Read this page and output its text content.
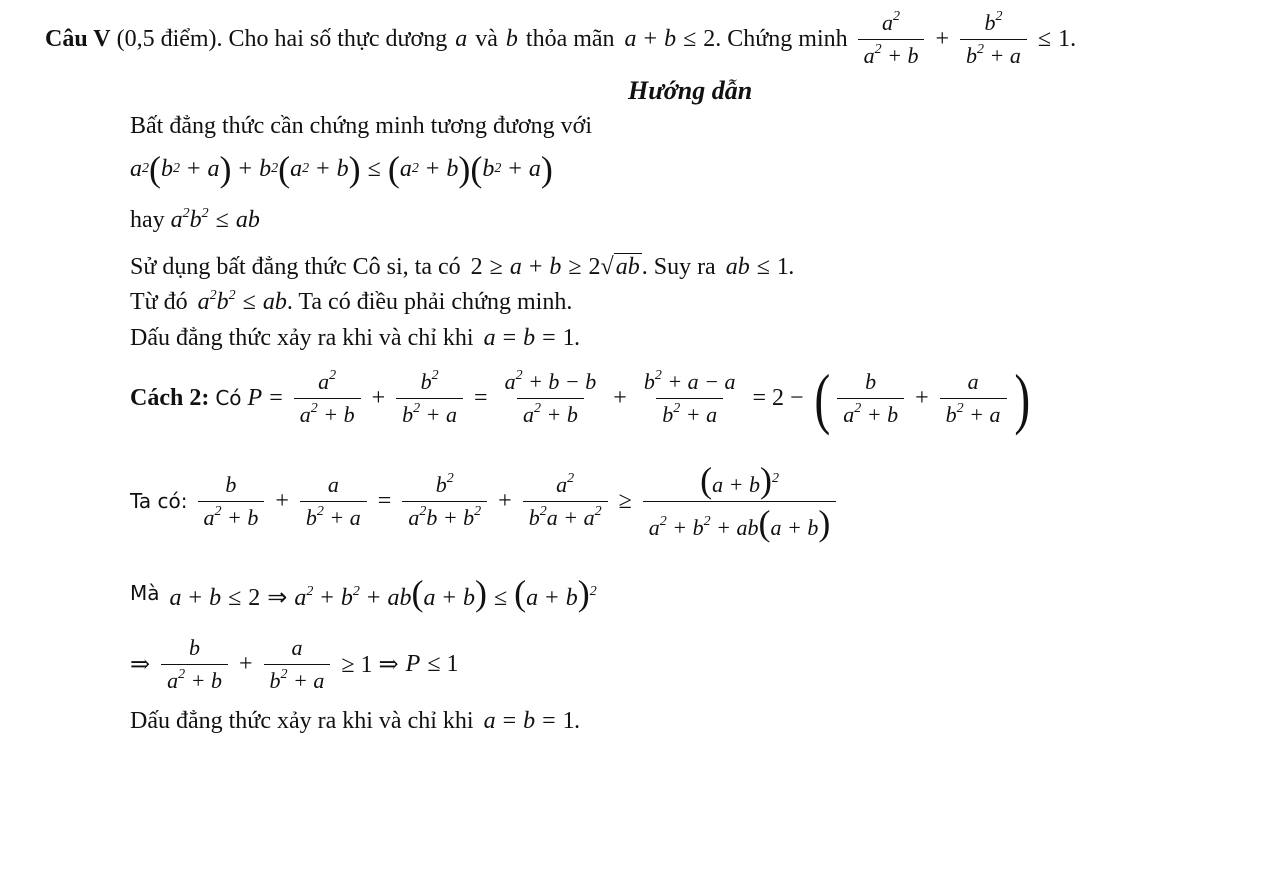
Câu V
(0,5 điểm). Cho hai số thực dương a và b thỏa mãn a + b ≤ 2 . Chứng minh $\frac{a^2}{a^2 + b} + \frac{b^2}{b^2 + a} \le 1$.
Hướng dẫn
Bất đẳng thức cần chứng minh tương đương với
a 2 ( b 2 + a ) + b 2 ( a 2 + b ) ≤ ( a 2 + b ) ( b 2 + a )
hay
$a^2b^2$ ≤ ab
Sử dụng bất đẳng thức Cô si, ta có 2 ≥ a + b ≥ 2√ab . Suy ra ab ≤ 1.
Từ đó $a^2b^2$ ≤ ab . Ta có điều phải chứng minh.
Dấu đẳng thức xảy ra khi và chỉ khi a = b = 1.
Cách 2: Có $P = \frac{a^2}{a^2 + b} + \frac{b^2}{b^2 + a} = \frac{a^2 + b - b}{a^2 + b} + \frac{b^2 + a - a}{b^2 + a} = 2$ − ( $\frac{b}{a^2 + b} + \frac{a}{b^2 + a}$ )
Ta có: $\frac{b}{a^2 + b} + \frac{a}{b^2 + a} = \frac{b^2}{a^2b + b^2} + \frac{a^2}{b^2a + a^2} \ge \frac{(a + b)^2}{a^2 + b^2 + ab(a + b)}$
Mà a + b ≤ 2 ⇒ $a^2 + b^2 + ab(a + b) \le (a + b)^2$
⇒ $\frac{b}{a^2 + b} + \frac{a}{b^2 + a} \ge 1$ ⇒ P ≤ 1
Dấu đẳng thức xảy ra khi và chỉ khi a = b = 1.
